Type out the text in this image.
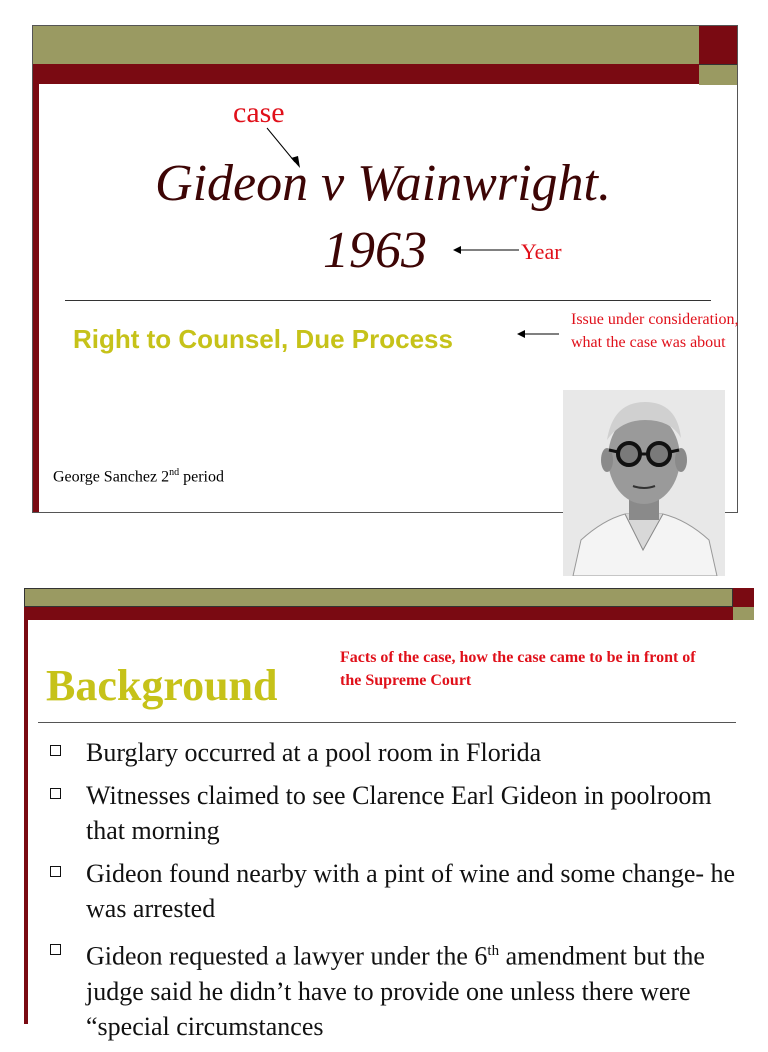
case
Gideon v Wainwright.
1963	Year
Right to Counsel, Due Process
Issue under consideration, what the case was about
George Sanchez 2nd period
Background
Facts of the case, how the case came to be in front of the Supreme Court
Burglary occurred at a pool room in Florida
Witnesses claimed to see Clarence Earl Gideon in poolroom that morning
Gideon found nearby with a pint of wine and some change- he was arrested
Gideon requested a lawyer under the 6th amendment but the judge said he didn’t have to provide one unless there were “special circumstances
